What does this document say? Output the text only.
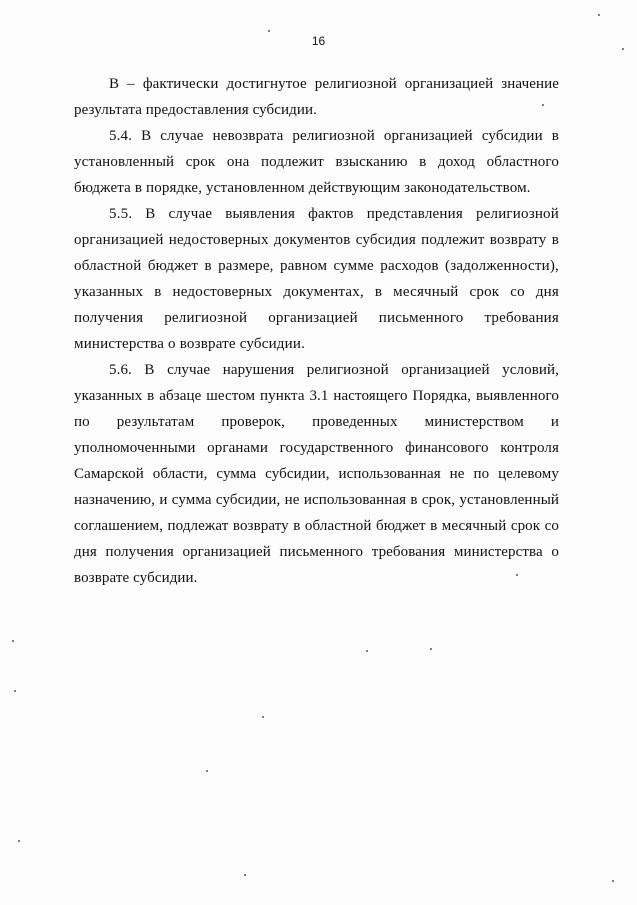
16

В – фактически достигнутое религиозной организацией значение результата предоставления субсидии.

5.4. В случае невозврата религиозной организацией субсидии в установленный срок она подлежит взысканию в доход областного бюджета в порядке, установленном действующим законодательством.

5.5. В случае выявления фактов представления религиозной организацией недостоверных документов субсидия подлежит возврату в областной бюджет в размере, равном сумме расходов (задолженности), указанных в недостоверных документах, в месячный срок со дня получения религиозной организацией письменного требования министерства о возврате субсидии.

5.6. В случае нарушения религиозной организацией условий, указанных в абзаце шестом пункта 3.1 настоящего Порядка, выявленного по результатам проверок, проведенных министерством и уполномоченными органами государственного финансового контроля Самарской области, сумма субсидии, использованная не по целевому назначению, и сумма субсидии, не использованная в срок, установленный соглашением, подлежат возврату в областной бюджет в месячный срок со дня получения организацией письменного требования министерства о возврате субсидии.
